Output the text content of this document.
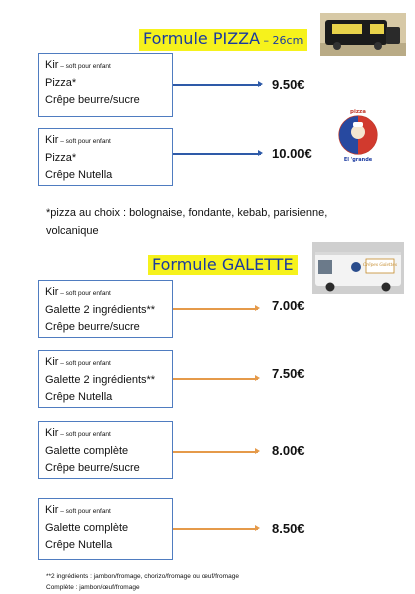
Formule PIZZA – 26cm
Kir – soft pour enfant
Pizza*
Crêpe beurre/sucre
9.50€
Kir – soft pour enfant
Pizza*
Crêpe Nutella
10.00€
pizza
El 'grande
*pizza au choix : bolognaise, fondante, kebab, parisienne, volcanique
Formule GALETTE	Crêpes Galettes
Kir – soft pour enfant
Galette 2 ingrédients**
Crêpe beurre/sucre
7.00€
Kir – soft pour enfant
Galette 2 ingrédients**
Crêpe Nutella
7.50€
Kir – soft pour enfant
Galette complète
Crêpe beurre/sucre
8.00€
Kir – soft pour enfant
Galette complète
Crêpe Nutella
8.50€
**2 ingrédients : jambon/fromage, chorizo/fromage ou œuf/fromage
Complète : jambon/œuf/fromage
